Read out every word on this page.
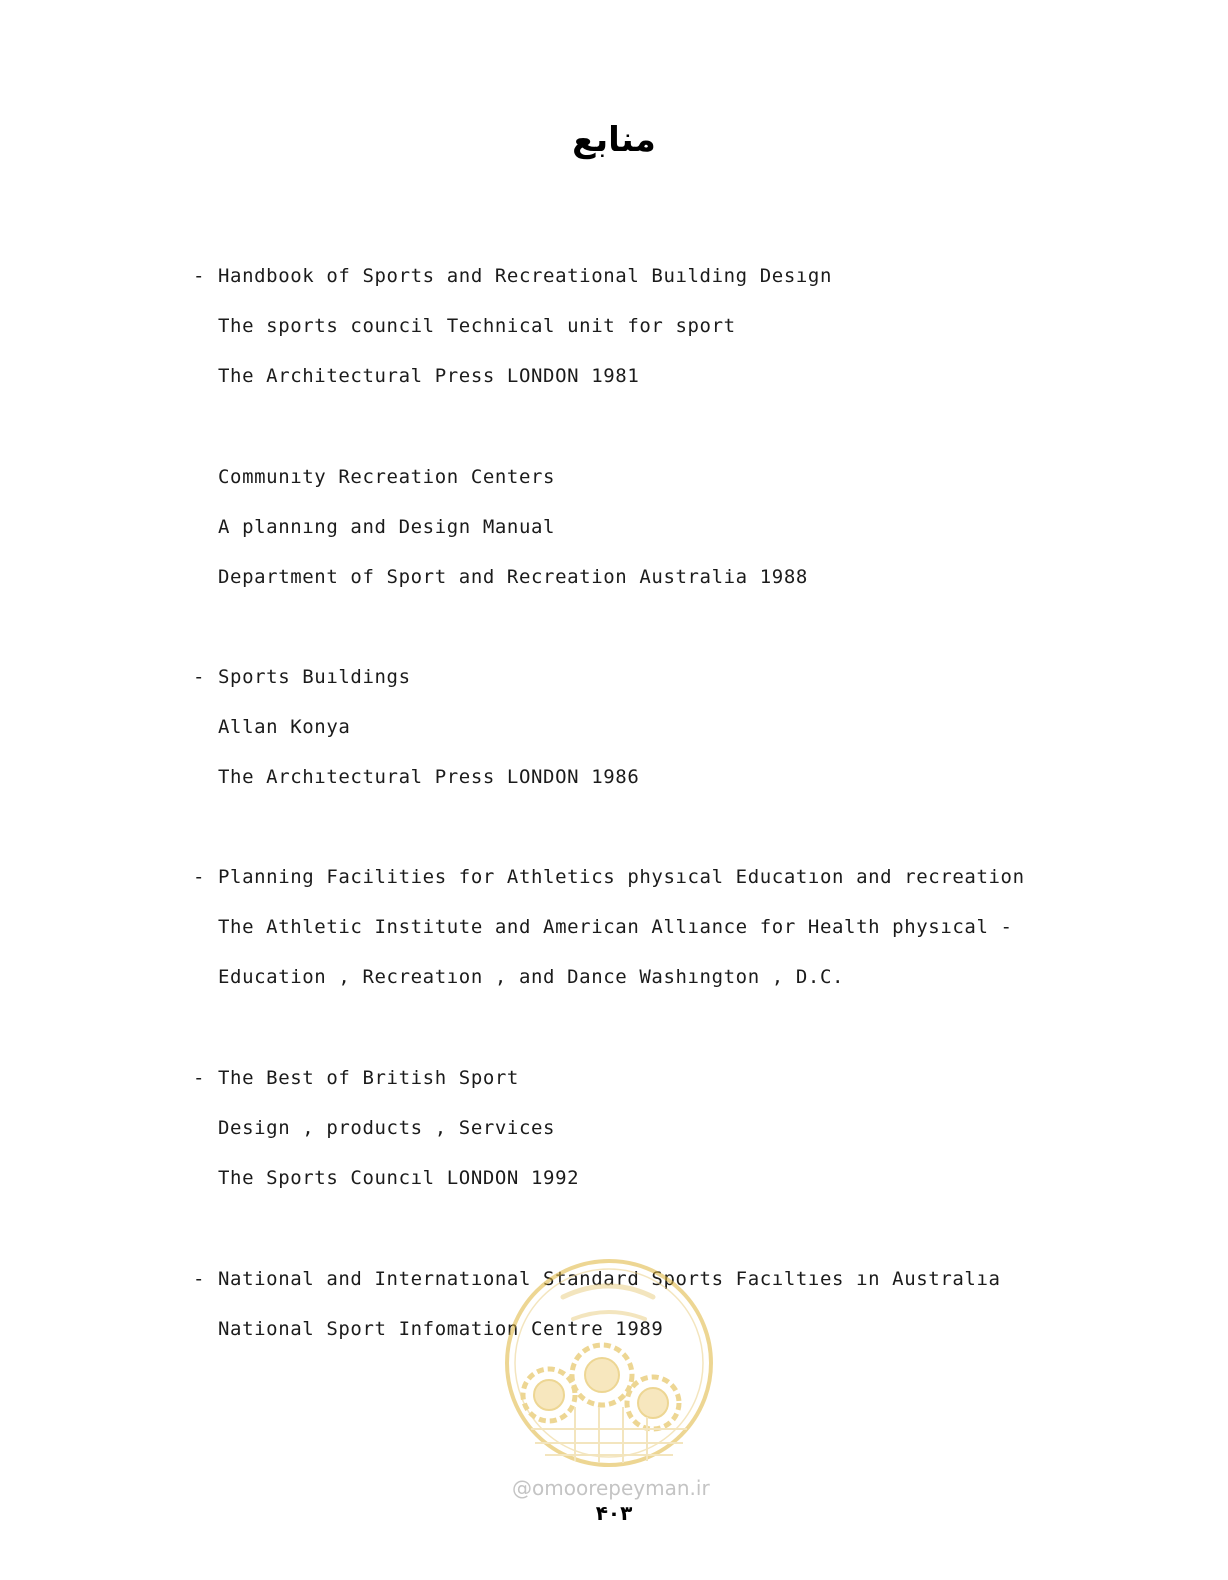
منابع
- Handbook of Sports and Recreational Buılding Desıgn
The sports council Technical unit for sport
The Architectural Press LONDON 1981
Communıty Recreation Centers
A plannıng and Design Manual
Department of Sport and Recreation Australia 1988
- Sports Buıldings
Allan Konya
The Archıtectural Press LONDON 1986
- Planning Facilities for Athletics physıcal Educatıon and recreation
The Athletic Institute and American Allıance for Health physıcal -
Education , Recreatıon , and Dance Washıngton , D.C.
- The Best of British Sport
Design , products , Services
The Sports Councıl LONDON 1992
- National and Internatıonal Standard Sports Facıltıes ın Australıa
National Sport Infomation Centre 1989
@omoorepeyman.ir
۴۰۳
